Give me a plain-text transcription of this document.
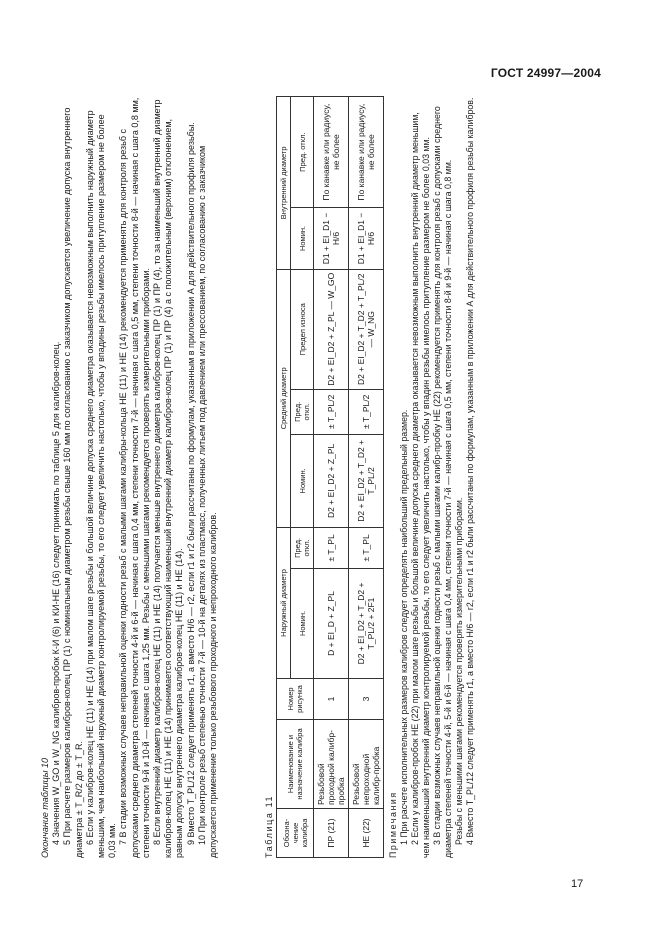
ГОСТ 24997—2004

Окончание таблицы 10 4 Значения W_GO и W_NG калибров-пробок К-И (6) и КИ-НЕ (16) следует принимать по таблице 5 для калибров-колец. 5 При расчете размеров калибров-колец ПР (1) с номинальным диаметром резьбы свыше 160 мм по согласованию с заказчиком допускается увеличение допуска внутреннего диаметра ± T_R/2 до ± T_R. 6 Если у калибров-колец НЕ (11) и НЕ (14) при малом шаге резьбы и большой величине допуска среднего диаметра оказывается невозможным выполнить наружный диаметр меньшим, чем наибольший наружный диаметр контролируемой резьбы, то его следует увеличить настолько, чтобы у впадины резьбы имелось притупление размером не более 0,03 мм. 7 В стадии возможных случаев неправильной оценки годности резьб с малыми шагами калибры-кольца НЕ (11) и НЕ (14) рекомендуется применять для контроля резьб с допусками среднего диаметра степеней точности 4-й и 6-й — начиная с шага 0,4 мм, степени точности 7-й — начиная с шага 0,5 мм, степени точности 8-й — начиная с шага 0,8 мм, степени точности 9-й и 10-й — начиная с шага 1,25 мм. Резьбы с меньшими шагами рекомендуется проверять измерительными приборами. 8 Если внутренний диаметр калибров-колец НЕ (11) и НЕ (14) получается меньше внутреннего диаметра калибров-колец ПР (1) и ПР (4), то за наименьший внутренний диаметр калибров-колец НЕ (11) и НЕ (14) принимается соответствующий наименьший внутренний диаметр калибров-колец ПР (1) и ПР (4) а с положительным (верхним) отклонением, равным допуску внутреннего диаметра калибров-колец НЕ (11) и НЕ (14). 9 Вместо T_PL/12 следует применять r1, а вместо H/6 — r2, если r1 и r2 были рассчитаны по формулам, указанным в приложении А для действительного профиля резьбы. 10 При контроле резьб степенью точности 7-й — 10-й на деталях из пластмасс, полученных литьем под давлением или прессованием, по согласованию с заказчиком допускается применение только резьбового проходного и непроходного калибров.	Таблица 11 Обозна-чение калибра	Наименование и назначение калибра	Номер рисунка	Наружный диаметр		Средний диаметр			Внутренний диаметр	
			Номин.	Пред. откл.	Номин.	Пред. откл.	Предел износа	Номин.	Пред. откл.
ПР (21)	Резьбовой проходной калибр-пробка	1	D + EI_D + Z_PL	± T_PL	D2 + EI_D2 + Z_PL	± T_PL/2	D2 + EI_D2 + Z_PL — W_GO	D1 + EI_D1 − H/6	По канавке или радиусу, не более
НЕ (22)	Резьбовой непроходной калибр-пробка	3	D2 + EI_D2 + T_D2 + T_PL/2 + 2F1	± T_PL	D2 + EI_D2 + T_D2 + T_PL/2	± T_PL/2	D2 + EI_D2 + T_D2 + T_PL/2 — W_NG	D1 + EI_D1 − H/6	По канавке или радиусу, не более

Примечания 1 При расчете исполнительных размеров калибров следует определять наибольший предельный размер. 2 Если у калибров-пробок НЕ (22) при малом шаге резьбы и большой величине допуска среднего диаметра оказывается невозможным выполнить внутренний диаметр меньшим, чем наименьший внутренний диаметр контролируемой резьбы, то его следует увеличить настолько, чтобы у впадин резьбы имелось притупление размером не более 0,03 мм. 3 В стадии возможных случаев неправильной оценки годности резьб с малыми шагами калибр-пробку НЕ (22) рекомендуется применять для контроля резьб с допусками среднего диаметра степеней точности 4-й, 5-й и 6-й — начиная с шага 0,4 мм, степени точности 7-й — начиная с шага 0,5 мм, степени точности 8-й и 9-й — начиная с шага 0,8 мм. Резьбы с меньшими шагами рекомендуется проверять измерительными приборами. 4 Вместо T_PL/12 следует применять r1, а вместо H/6 — r2, если r1 и r2 были рассчитаны по формулам, указанным в приложении А для действительного профиля резьбы калибров.

17
